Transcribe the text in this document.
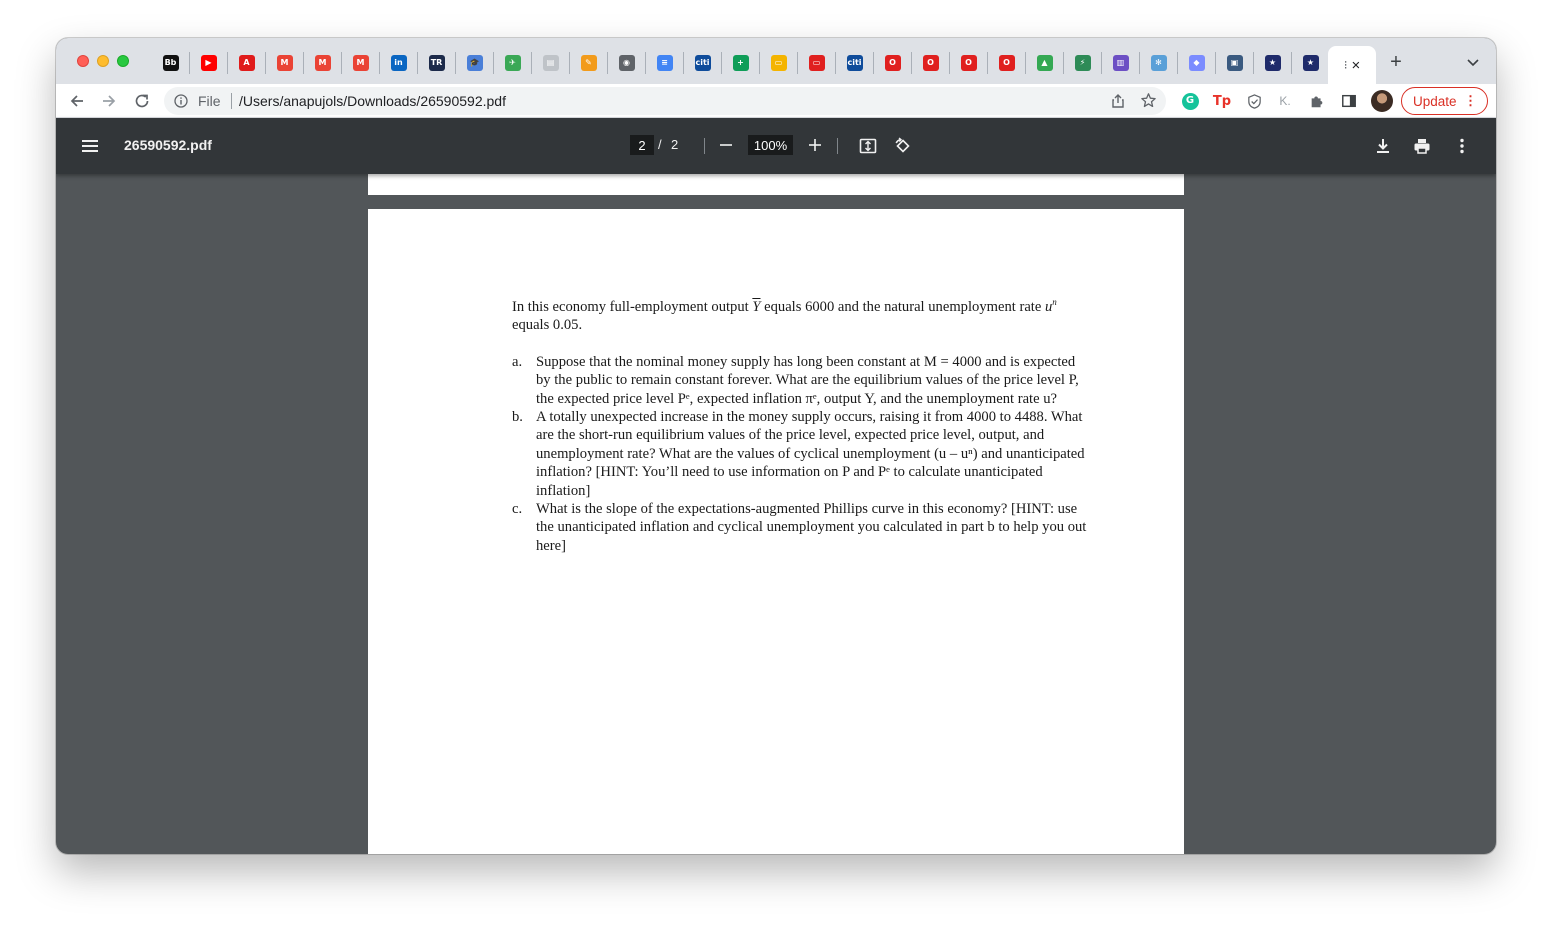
Bb	▶	A	M	M	M	in	TR	🎓	✈	▤	✎	◉	≡	citi	+	▭	▭	citi	O	O	O	O	▲	⚡	▥	✻	◆	▣	★	★	⁝ × +
File /Users/anapujols/Downloads/26590592.pdf	G	Tp	K.	Update ⋮
26590592.pdf	2 / 2	100%
In this economy full-employment output $\overline{Y}$ equals 6000 and the natural unemployment rate $u^n$ equals 0.05.
a. Suppose that the nominal money supply has long been constant at M = 4000 and is expected by the public to remain constant forever. What are the equilibrium values of the price level P, the expected price level Pᵉ, expected inflation πᵉ, output Y, and the unemployment rate u?
b. A totally unexpected increase in the money supply occurs, raising it from 4000 to 4488. What are the short-run equilibrium values of the price level, expected price level, output, and unemployment rate? What are the values of cyclical unemployment (u – uⁿ) and unanticipated inflation? [HINT: You’ll need to use information on P and Pᵉ to calculate unanticipated inflation]
c. What is the slope of the expectations-augmented Phillips curve in this economy? [HINT: use the unanticipated inflation and cyclical unemployment you calculated in part b to help you out here]
